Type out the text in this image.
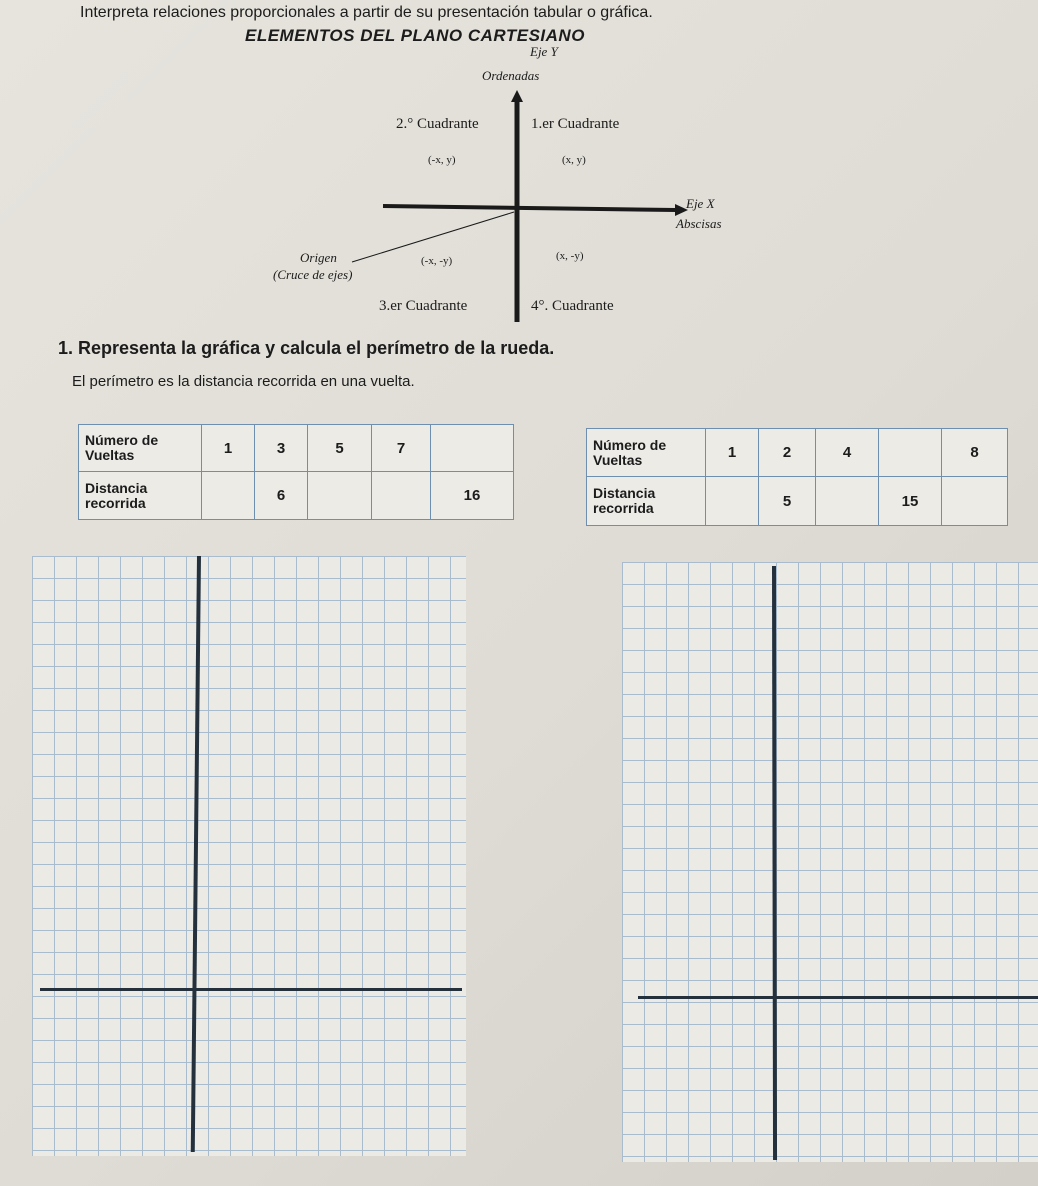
Interpreta relaciones proporcionales a partir de su presentación tabular o gráfica.
ELEMENTOS DEL PLANO CARTESIANO
Eje Y
Ordenadas
2.° Cuadrante	1.er Cuadrante
(-x, y)	(x, y)
Eje X
Abscisas
Origen
(Cruce de ejes)
(-x, -y)	(x, -y)
3.er Cuadrante	4°. Cuadrante
1. Representa la gráfica y calcula el perímetro de la rueda.
El perímetro es la distancia recorrida en una vuelta.
Número de Vueltas	1	3	5	7	
Distancia recorrida		6			16
Número de Vueltas	1	2	4		8
Distancia recorrida		5		15	
